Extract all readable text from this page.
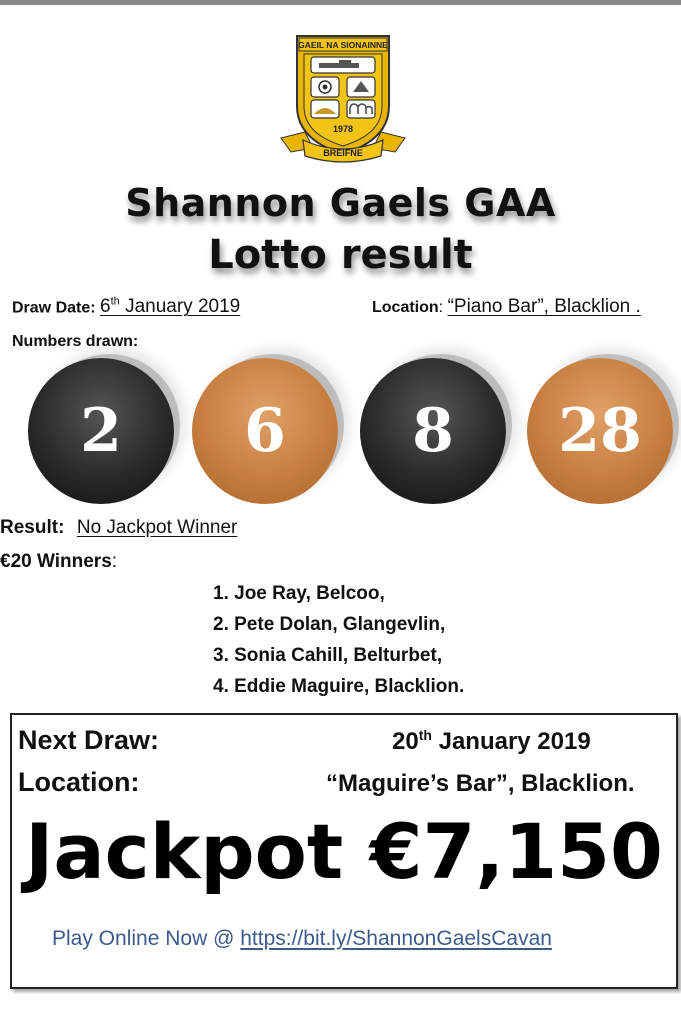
GAEIL NA SIONAINNE
1978
BREIFNE
Shannon Gaels GAA
Lotto result
Draw Date: 6th January 2019	Location: “Piano Bar”, Blacklion .
Numbers drawn:
2	6	8	28
Result: No Jackpot Winner
€20 Winners:
1. Joe Ray, Belcoo,
2. Pete Dolan, Glangevlin,
3. Sonia Cahill, Belturbet,
4. Eddie Maguire, Blacklion.
Next Draw:	20th January 2019
Location:	“Maguire’s Bar”, Blacklion.
Jackpot €7,150
Play Online Now @ https://bit.ly/ShannonGaelsCavan
